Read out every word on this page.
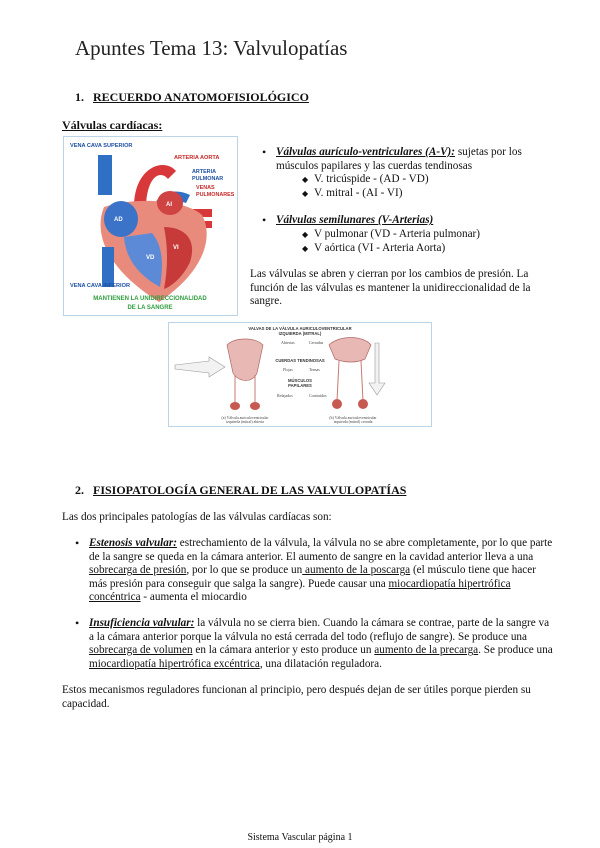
Apuntes Tema 13: Valvulopatías
1. RECUERDO ANATOMOFISIOLÓGICO
Válvulas cardíacas:
VENA CAVA SUPERIOR
ARTERIA AORTA
ARTERIA
PULMONAR
VENAS
PULMONARES
AD
AI
VD
VI
VENA CAVA INFERIOR
MANTIENEN LA UNIDIRECCIONALIDAD
DE LA SANGRE
• Válvulas aurículo-ventriculares (A-V): sujetas por los músculos papilares y las cuerdas tendinosas
◆ V. tricúspide - (AD - VD)
◆ V. mitral - (AI - VI)
• Válvulas semilunares (V-Arterias)
◆ V pulmonar (VD - Arteria pulmonar)
◆ V aórtica (VI - Arteria Aorta)
Las válvulas se abren y cierran por los cambios de presión. La función de las válvulas es mantener la unidireccionalidad de la sangre.
VALVAS DE LA VÁLVULA AURICULOVENTRICULAR
IZQUIERDA (MITRAL)
Abiertas	Cerradas
CUERDAS TENDINOSAS
Flojas	Tensas
MÚSCULOS
PAPILARES
Relajados	Contraídos
(a) Válvula auriculoventricular
izquierda (mitral) abierta
(b) Válvula auriculoventricular
izquierda (mitral) cerrada
2. FISIOPATOLOGÍA GENERAL DE LAS VALVULOPATÍAS
Las dos principales patologías de las válvulas cardíacas son:
• Estenosis valvular: estrechamiento de la válvula, la válvula no se abre completamente, por lo que parte de la sangre se queda en la cámara anterior. El aumento de sangre en la cavidad anterior lleva a una sobrecarga de presión, por lo que se produce un aumento de la poscarga (el músculo tiene que hacer más presión para conseguir que salga la sangre). Puede causar una miocardiopatía hipertrófica concéntrica - aumenta el miocardio
• Insuficiencia valvular: la válvula no se cierra bien. Cuando la cámara se contrae, parte de la sangre va a la cámara anterior porque la válvula no está cerrada del todo (reflujo de sangre). Se produce una sobrecarga de volumen en la cámara anterior y esto produce un aumento de la precarga. Se produce una miocardiopatía hipertrófica excéntrica, una dilatación reguladora.
Estos mecanismos reguladores funcionan al principio, pero después dejan de ser útiles porque pierden su capacidad.
Sistema Vascular página 1
